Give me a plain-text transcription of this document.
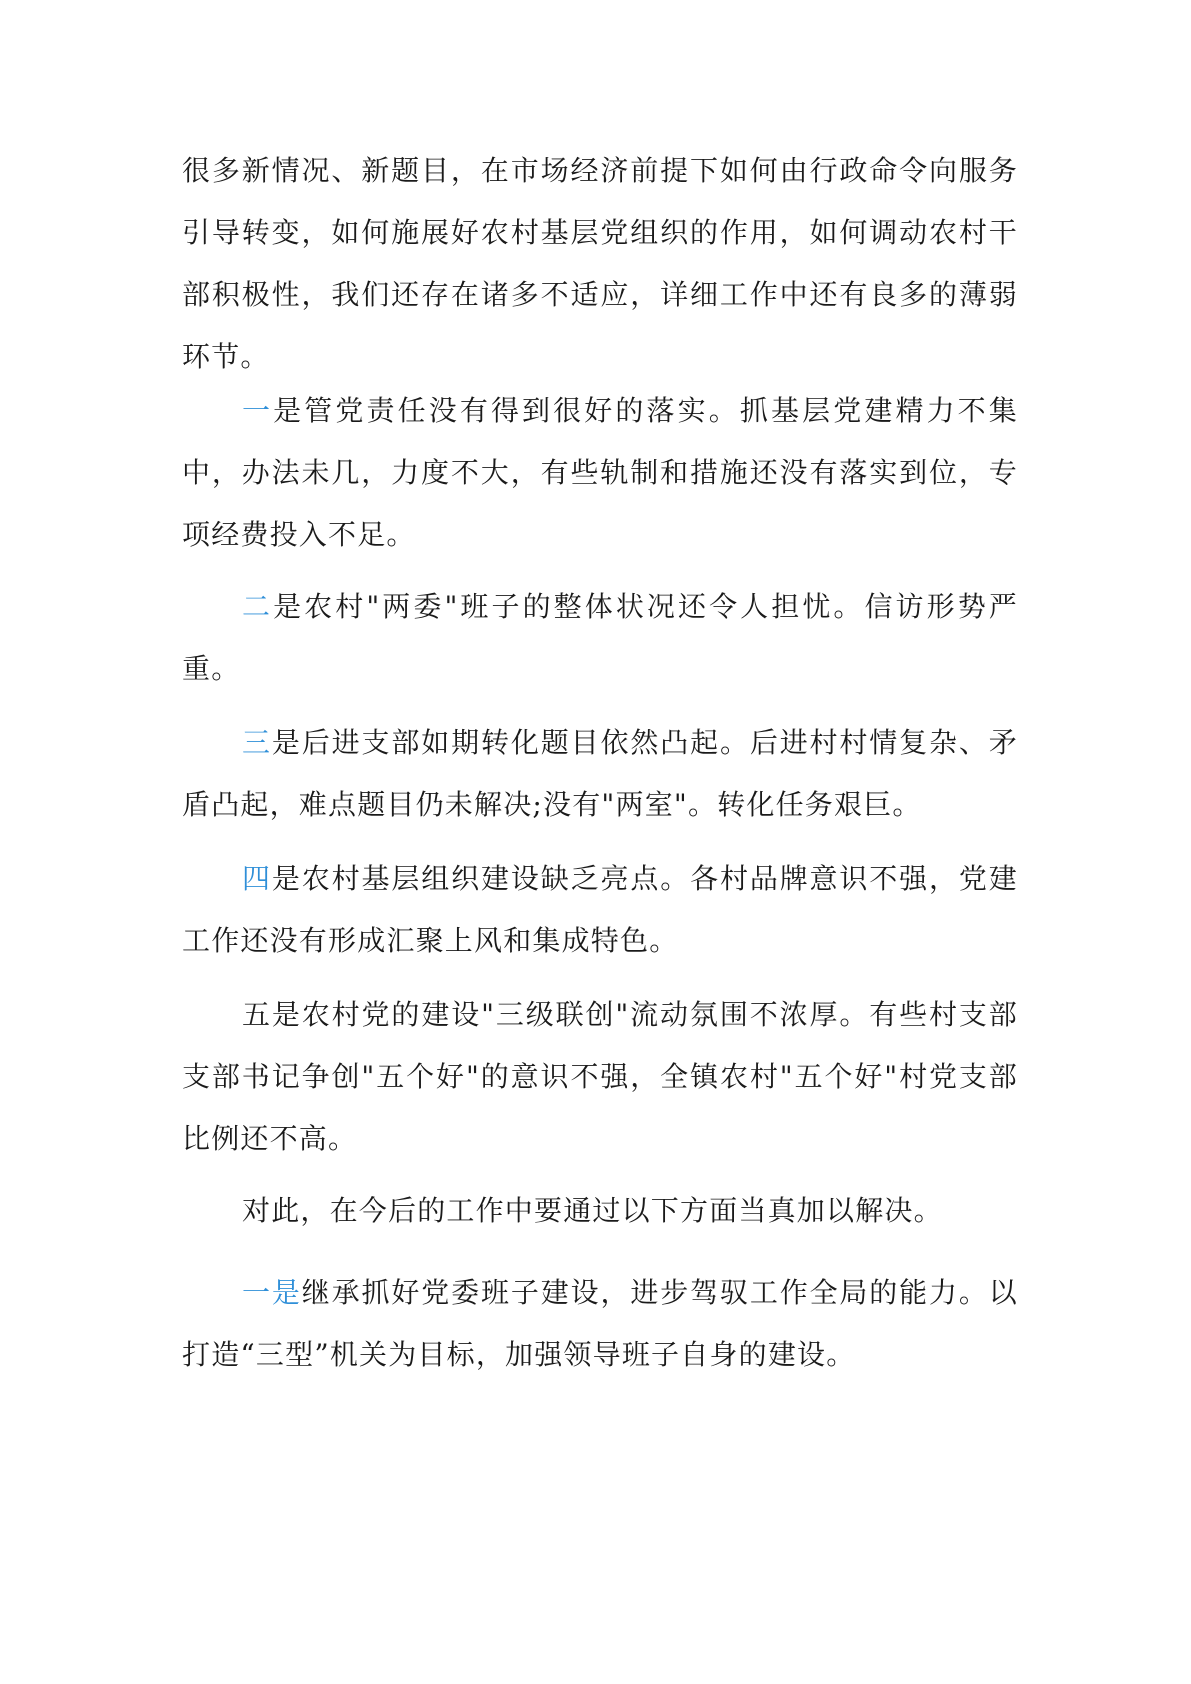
很多新情况、新题目，在市场经济前提下如何由行政命令向服务引导转变，如何施展好农村基层党组织的作用，如何调动农村干部积极性，我们还存在诸多不适应，详细工作中还有良多的薄弱环节。

一是管党责任没有得到很好的落实。抓基层党建精力不集中，办法未几，力度不大，有些轨制和措施还没有落实到位，专项经费投入不足。

二是农村"两委"班子的整体状况还令人担忧。信访形势严重。

三是后进支部如期转化题目依然凸起。后进村村情复杂、矛盾凸起，难点题目仍未解决;没有"两室"。转化任务艰巨。

四是农村基层组织建设缺乏亮点。各村品牌意识不强，党建工作还没有形成汇聚上风和集成特色。

五是农村党的建设"三级联创"流动氛围不浓厚。有些村支部支部书记争创"五个好"的意识不强，全镇农村"五个好"村党支部比例还不高。

对此，在今后的工作中要通过以下方面当真加以解决。

一是继承抓好党委班子建设，进步驾驭工作全局的能力。以打造“三型”机关为目标，加强领导班子自身的建设。
